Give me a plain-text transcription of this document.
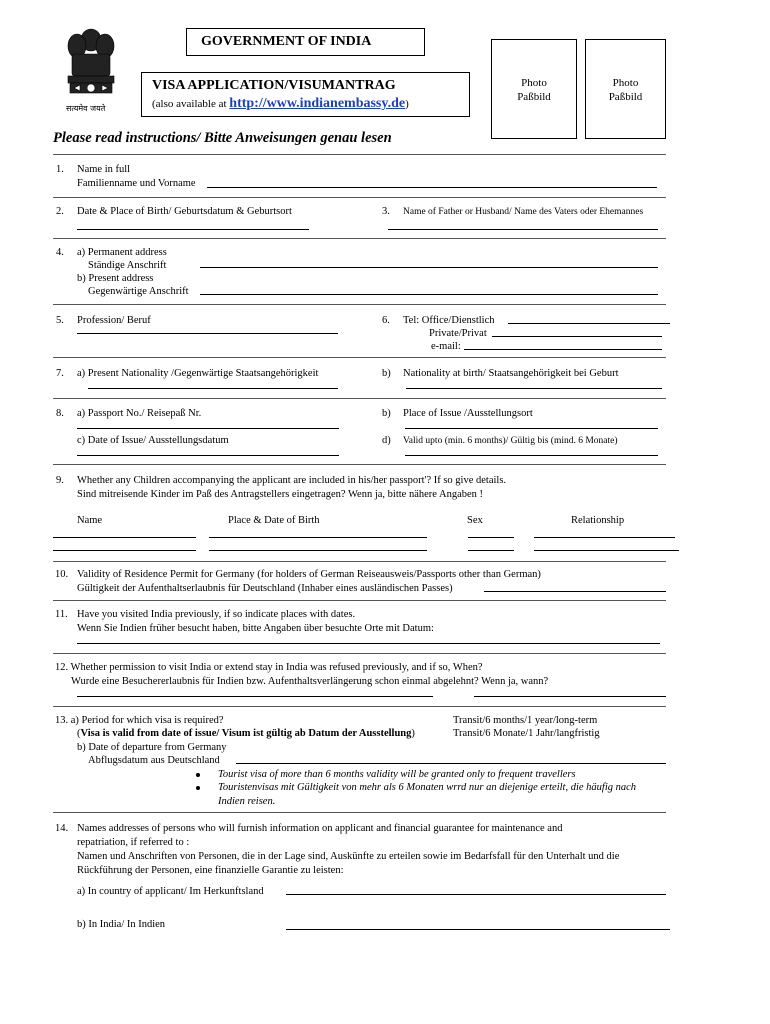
सत्यमेव जयते
GOVERNMENT OF INDIA
VISA APPLICATION/VISUMANTRAG
(also available at http://www.indianembassy.de)
Photo
Paßbild
Photo
Paßbild
Please read instructions/ Bitte Anweisungen genau lesen
1. Name in full
Familienname und Vorname
2. Date & Place of Birth/ Geburtsdatum & Geburtsort	3. Name of Father or Husband/ Name des Vaters oder Ehemannes
4. a) Permanent address
Ständige Anschrift
b) Present address
Gegenwärtige Anschrift
5. Profession/ Beruf	6. Tel: Office/Dienstlich
Private/Privat
e-mail:
7. a) Present Nationality /Gegenwärtige Staatsangehörigkeit	b) Nationality at birth/ Staatsangehörigkeit bei Geburt
8. a) Passport No./ Reisepaß Nr.	b) Place of Issue /Ausstellungsort
c) Date of Issue/ Ausstellungsdatum	d) Valid upto (min. 6 months)/ Gültig bis (mind. 6 Monate)
9. Whether any Children accompanying the applicant are included in his/her passport'? If so give details.
Sind mitreisende Kinder im Paß des Antragstellers eingetragen? Wenn ja, bitte nähere Angaben !
Name	Place & Date of Birth	Sex	Relationship
10. Validity of Residence Permit for Germany (for holders of German Reiseausweis/Passports other than German)
Gültigkeit der Aufenthaltserlaubnis für Deutschland (Inhaber eines ausländischen Passes)
11. Have you visited India previously, if so indicate places with dates.
Wenn Sie Indien früher besucht haben, bitte Angaben über besuchte Orte mit Datum:
12. Whether permission to visit India or extend stay in India was refused previously, and if so, When?
Wurde eine Besuchererlaubnis für Indien bzw. Aufenthaltsverlängerung schon einmal abgelehnt? Wenn ja, wann?
13. a) Period for which visa is required?
(Visa is valid from date of issue/ Visum ist gültig ab Datum der Ausstellung)
Transit/6 months/1 year/long-term
Transit/6 Monate/1 Jahr/langfristig
b) Date of departure from Germany
Abflugsdatum aus Deutschland
Tourist visa of more than 6 months validity will be granted only to frequent travellers
Touristenvisas mit Gültigkeit von mehr als 6 Monaten wrrd nur an diejenige erteilt, die häufig nach
Indien reisen.
14. Names addresses of persons who will furnish information on applicant and financial guarantee for maintenance and
repatriation, if referred to :
Namen und Anschriften von Personen, die in der Lage sind, Auskünfte zu erteilen sowie im Bedarfsfall für den Unterhalt und die
Rückführung der Personen, eine finanzielle Garantie zu leisten:
a) In country of applicant/ Im Herkunftsland
b) In India/ In Indien
